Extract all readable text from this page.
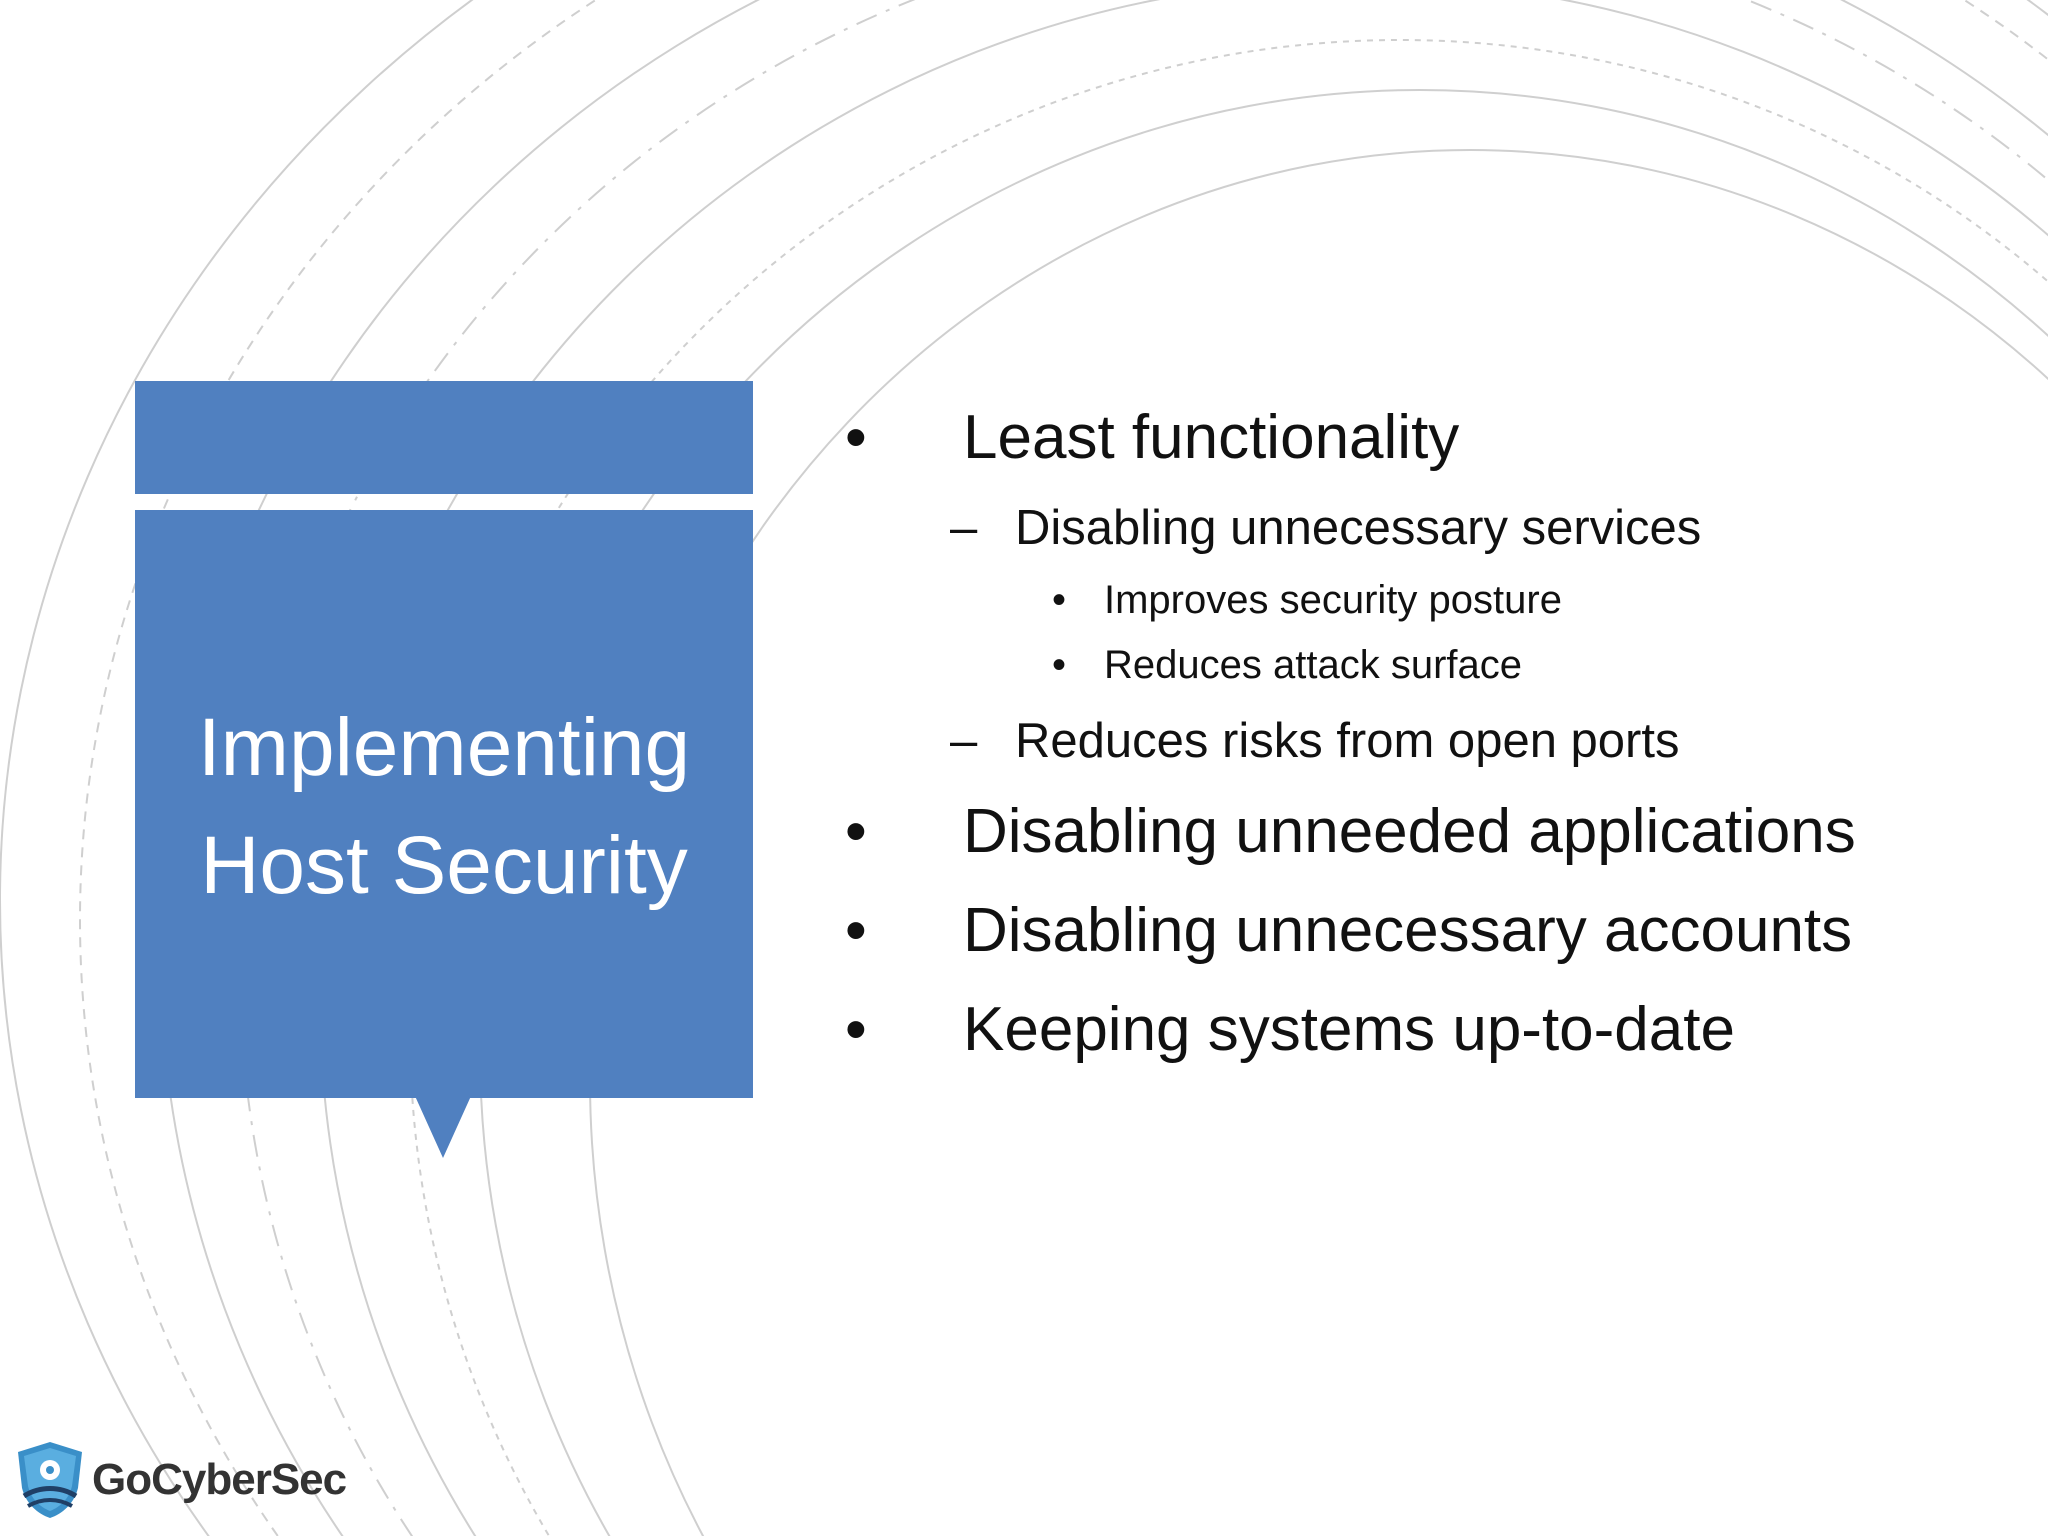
Implementing
Host Security
• Least functionality
– Disabling unnecessary services
• Improves security posture
• Reduces attack surface
– Reduces risks from open ports
• Disabling unneeded applications
• Disabling unnecessary accounts
• Keeping systems up-to-date
GoCyberSec
